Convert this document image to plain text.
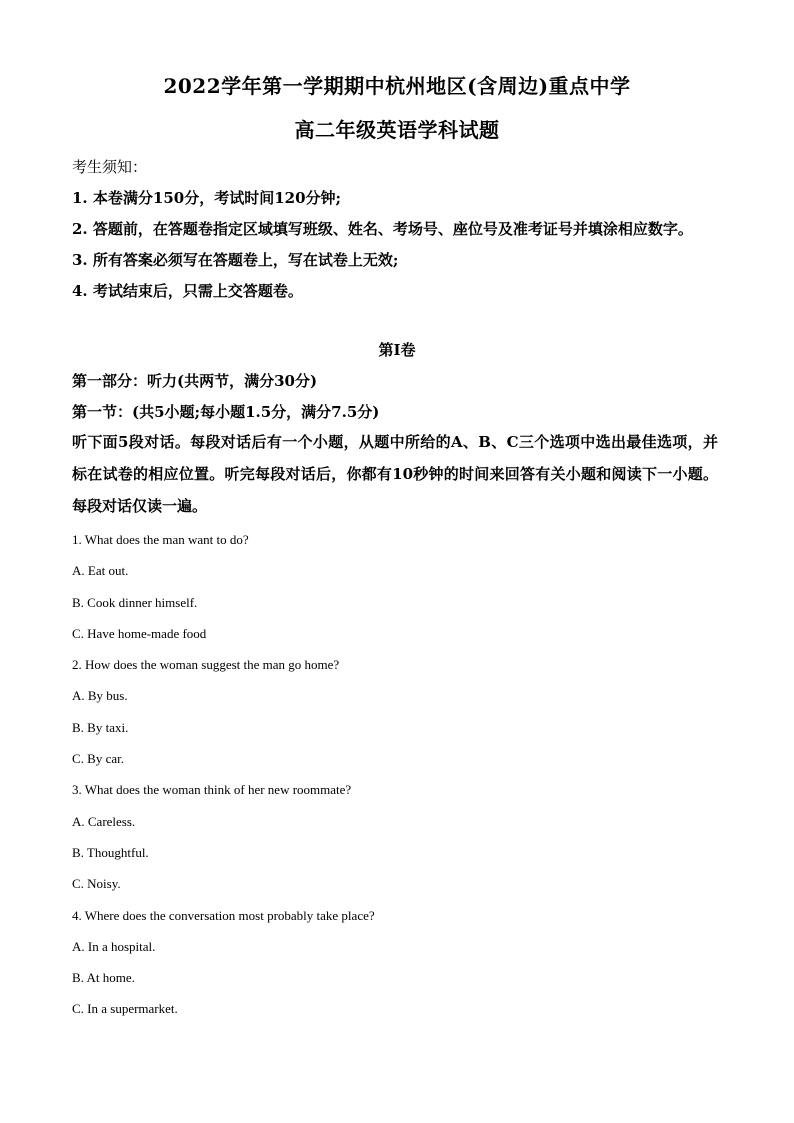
2022学年第一学期期中杭州地区(含周边)重点中学
高二年级英语学科试题
考生须知：
1. 本卷满分150分，考试时间120分钟;
2. 答题前，在答题卷指定区域填写班级、姓名、考场号、座位号及准考证号并填涂相应数字。
3. 所有答案必须写在答题卷上，写在试卷上无效;
4. 考试结束后，只需上交答题卷。
第I卷
第一部分：听力(共两节，满分30分)
第一节：(共5小题;每小题1.5分，满分7.5分)
听下面5段对话。每段对话后有一个小题，从题中所给的A、B、C三个选项中选出最佳选项，并标在试卷的相应位置。听完每段对话后，你都有10秒钟的时间来回答有关小题和阅读下一小题。每段对话仅读一遍。
1. What does the man want to do?
A. Eat out.
B. Cook dinner himself.
C. Have home-made food
2. How does the woman suggest the man go home?
A. By bus.
B. By taxi.
C. By car.
3. What does the woman think of her new roommate?
A. Careless.
B. Thoughtful.
C. Noisy.
4. Where does the conversation most probably take place?
A. In a hospital.
B. At home.
C. In a supermarket.
